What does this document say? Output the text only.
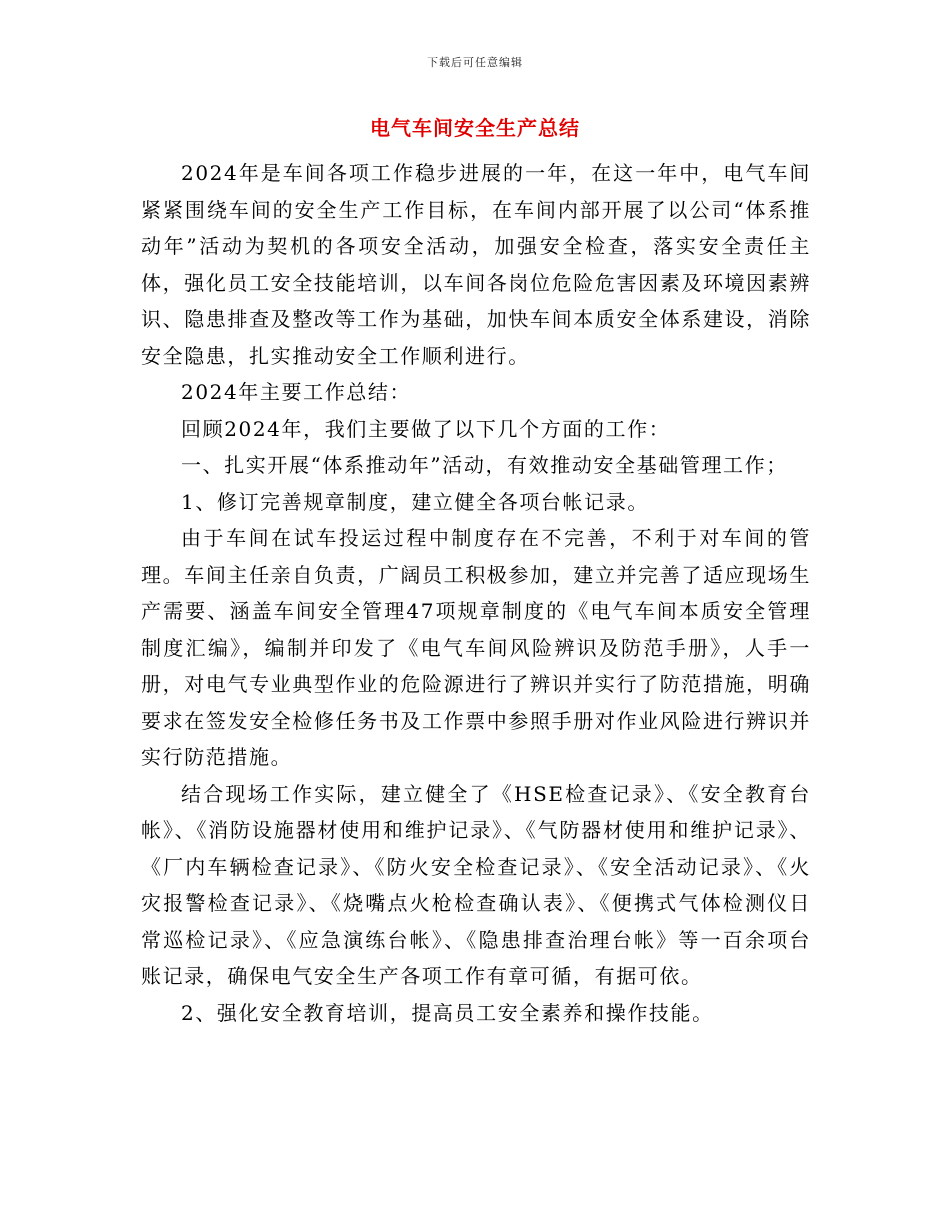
下载后可任意编辑
电气车间安全生产总结

2024年是车间各项工作稳步进展的一年，在这一年中，电气车间紧紧围绕车间的安全生产工作目标，在车间内部开展了以公司“体系推动年”活动为契机的各项安全活动，加强安全检查，落实安全责任主体，强化员工安全技能培训，以车间各岗位危险危害因素及环境因素辨识、隐患排查及整改等工作为基础，加快车间本质安全体系建设，消除安全隐患，扎实推动安全工作顺利进行。

2024年主要工作总结：

回顾2024年，我们主要做了以下几个方面的工作：

一、扎实开展“体系推动年”活动，有效推动安全基础管理工作；

1、修订完善规章制度，建立健全各项台帐记录。

由于车间在试车投运过程中制度存在不完善，不利于对车间的管理。车间主任亲自负责，广阔员工积极参加，建立并完善了适应现场生产需要、涵盖车间安全管理47项规章制度的《电气车间本质安全管理制度汇编》，编制并印发了《电气车间风险辨识及防范手册》，人手一册，对电气专业典型作业的危险源进行了辨识并实行了防范措施，明确要求在签发安全检修任务书及工作票中参照手册对作业风险进行辨识并实行防范措施。

结合现场工作实际，建立健全了《HSE检查记录》、《安全教育台帐》、《消防设施器材使用和维护记录》、《气防器材使用和维护记录》、《厂内车辆检查记录》、《防火安全检查记录》、《安全活动记录》、《火灾报警检查记录》、《烧嘴点火枪检查确认表》、《便携式气体检测仪日常巡检记录》、《应急演练台帐》、《隐患排查治理台帐》等一百余项台账记录，确保电气安全生产各项工作有章可循，有据可依。

2、强化安全教育培训，提高员工安全素养和操作技能。
